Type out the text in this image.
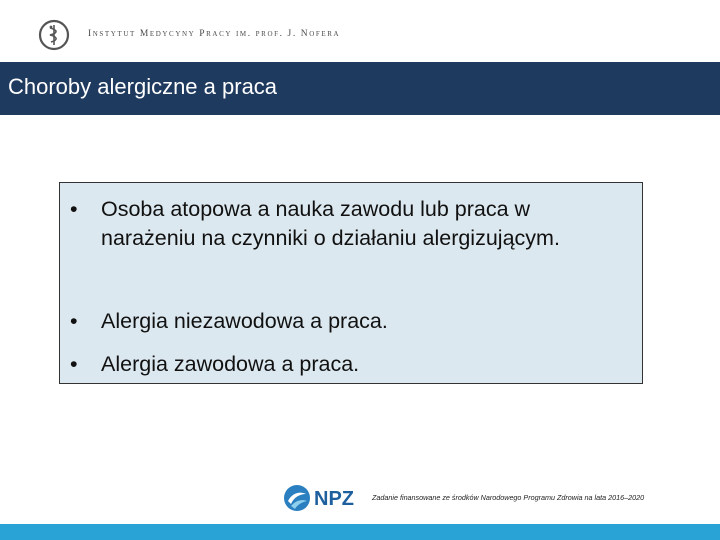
Instytut Medycyny Pracy im. prof. J. Nofera
Choroby alergiczne a praca
•	Osoba atopowa a nauka zawodu lub praca w narażeniu na czynniki o działaniu alergizującym.
•	Alergia niezawodowa a praca.
•	Alergia zawodowa a praca.
NPZ	Zadanie finansowane ze środków Narodowego Programu Zdrowia na lata 2016–2020
